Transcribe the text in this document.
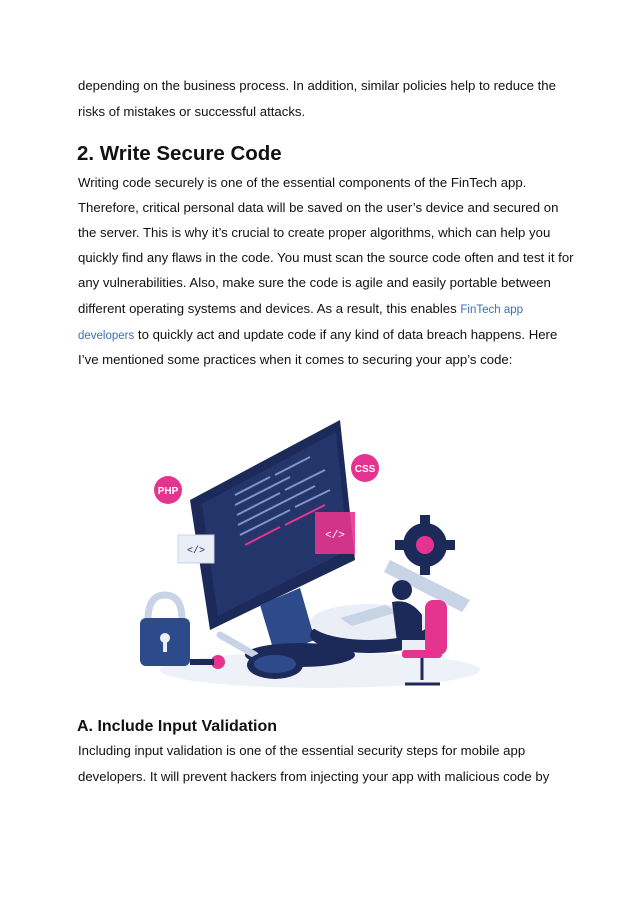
depending on the business process. In addition, similar policies help to reduce the

risks of mistakes or successful attacks.

2. Write Secure Code

Writing code securely is one of the essential components of the FinTech app.

Therefore, critical personal data will be saved on the user’s device and secured on

the server. This is why it’s crucial to create proper algorithms, which can help you

quickly find any flaws in the code. You must scan the source code often and test it for

any vulnerabilities. Also, make sure the code is agile and easily portable between

different operating systems and devices. As a result, this enables FinTech app

developers to quickly act and update code if any kind of data breach happens. Here

I’ve mentioned some practices when it comes to securing your app’s code:

PHP
CSS
</>
</>
A. Include Input Validation

Including input validation is one of the essential security steps for mobile app

developers. It will prevent hackers from injecting your app with malicious code by
